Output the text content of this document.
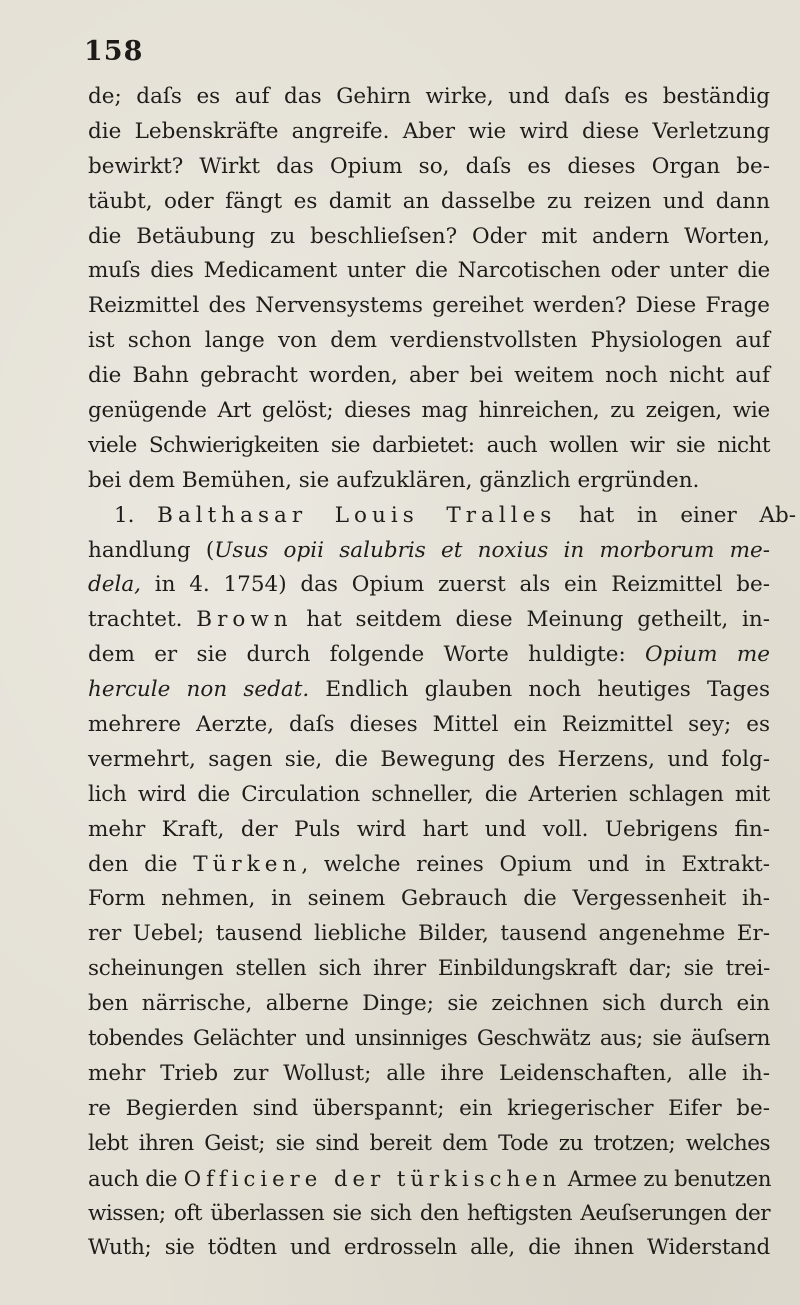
158
de; daſs es auf das Gehirn wirke, und daſs es beständig
die Lebenskräfte angreife. Aber wie wird diese Verletzung
bewirkt? Wirkt das Opium so, daſs es dieses Organ be-
täubt, oder fängt es damit an dasselbe zu reizen und dann
die Betäubung zu beschlieſsen? Oder mit andern Worten,
muſs dies Medicament unter die Narcotischen oder unter die
Reizmittel des Nervensystems gereihet werden? Diese Frage
ist schon lange von dem verdienstvollsten Physiologen auf
die Bahn gebracht worden, aber bei weitem noch nicht auf
genügende Art gelöst; dieses mag hinreichen, zu zeigen, wie
viele Schwierigkeiten sie darbietet: auch wollen wir sie nicht
bei dem Bemühen, sie aufzuklären, gänzlich ergründen.
1. Balthasar Louis Tralles hat in einer Ab-
handlung (Usus opii salubris et noxius in morborum me-
dela, in 4. 1754) das Opium zuerst als ein Reizmittel be-
trachtet. Brown hat seitdem diese Meinung getheilt, in-
dem er sie durch folgende Worte huldigte: Opium me
hercule non sedat. Endlich glauben noch heutiges Tages
mehrere Aerzte, daſs dieses Mittel ein Reizmittel sey; es
vermehrt, sagen sie, die Bewegung des Herzens, und folg-
lich wird die Circulation schneller, die Arterien schlagen mit
mehr Kraft, der Puls wird hart und voll. Uebrigens fin-
den die Türken, welche reines Opium und in Extrakt-
Form nehmen, in seinem Gebrauch die Vergessenheit ih-
rer Uebel; tausend liebliche Bilder, tausend angenehme Er-
scheinungen stellen sich ihrer Einbildungskraft dar; sie trei-
ben närrische, alberne Dinge; sie zeichnen sich durch ein
tobendes Gelächter und unsinniges Geschwätz aus; sie äuſsern
mehr Trieb zur Wollust; alle ihre Leidenschaften, alle ih-
re Begierden sind überspannt; ein kriegerischer Eifer be-
lebt ihren Geist; sie sind bereit dem Tode zu trotzen; welches
auch die Officiere der türkischen Armee zu benutzen
wissen; oft überlassen sie sich den heftigsten Aeuſserungen der
Wuth; sie tödten und erdrosseln alle, die ihnen Widerstand
